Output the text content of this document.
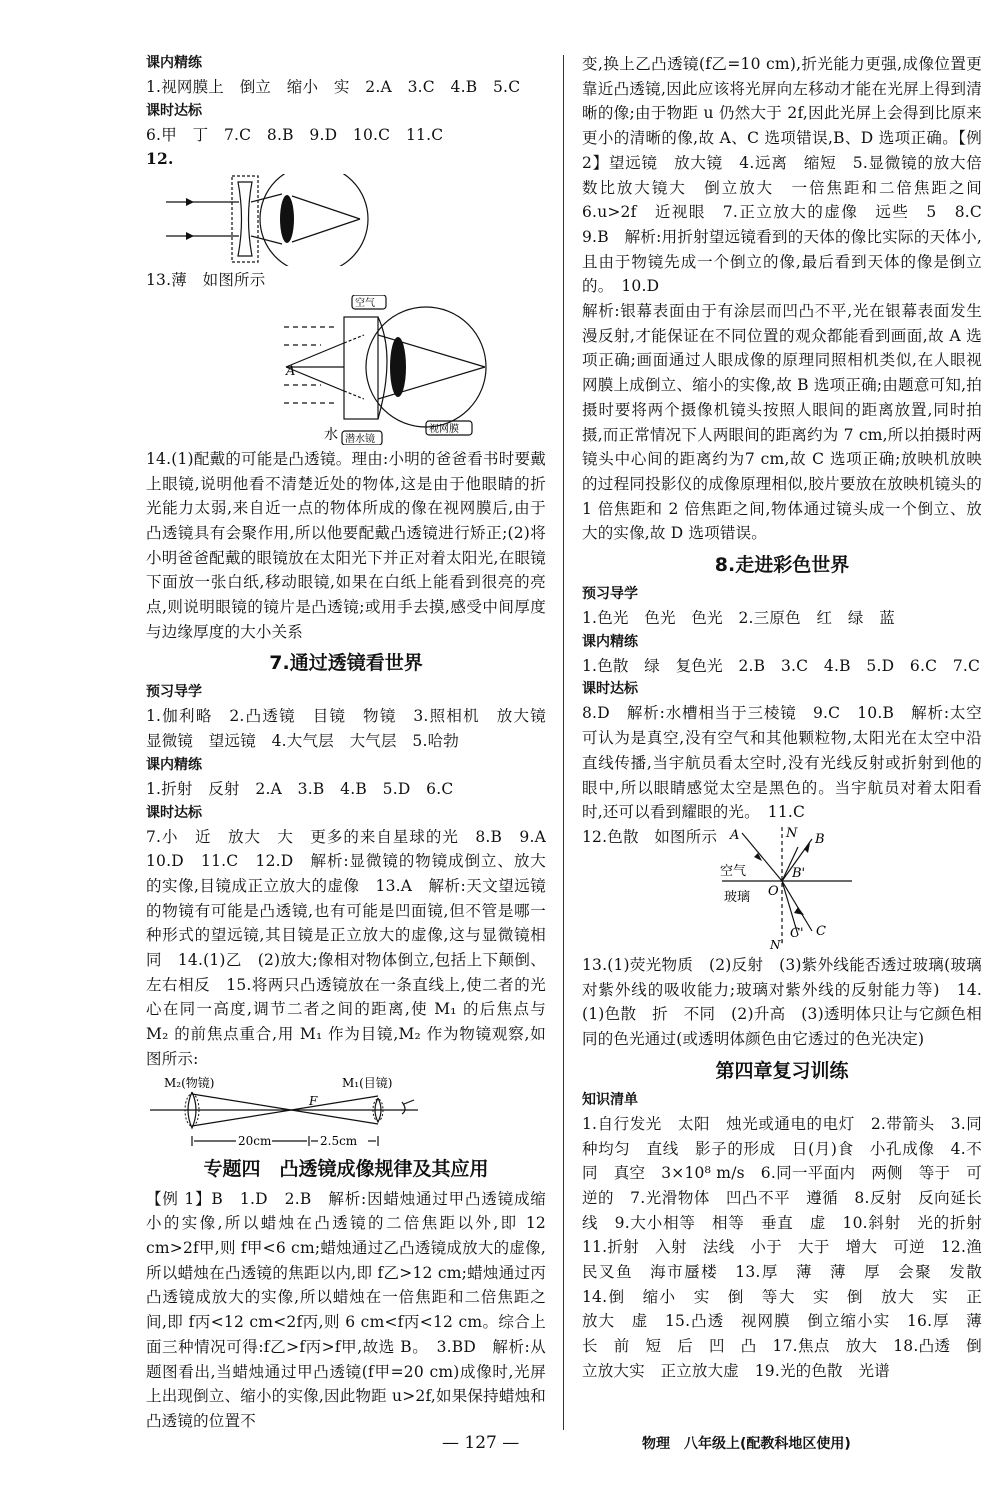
课内精练

1.视网膜上　倒立　缩小　实　2.A　3.C　4.B　5.C

课时达标

6.甲　丁　7.C　8.B　9.D　10.C　11.C

12.

13.薄　如图所示

A
空气
水 潜水镜
视网膜

14.(1)配戴的可能是凸透镜。理由:小明的爸爸看书时要戴上眼镜,说明他看不清楚近处的物体,这是由于他眼睛的折光能力太弱,来自近一点的物体所成的像在视网膜后,由于凸透镜具有会聚作用,所以他要配戴凸透镜进行矫正;(2)将小明爸爸配戴的眼镜放在太阳光下并正对着太阳光,在眼镜下面放一张白纸,移动眼镜,如果在白纸上能看到很亮的亮点,则说明眼镜的镜片是凸透镜;或用手去摸,感受中间厚度与边缘厚度的大小关系

7.通过透镜看世界

预习导学

1.伽利略　2.凸透镜　目镜　物镜　3.照相机　放大镜　显微镜　望远镜　4.大气层　大气层　5.哈勃

课内精练

1.折射　反射　2.A　3.B　4.B　5.D　6.C

课时达标

7.小　近　放大　大　更多的来自星球的光　8.B　9.A　10.D　11.C　12.D　解析:显微镜的物镜成倒立、放大的实像,目镜成正立放大的虚像　13.A　解析:天文望远镜的物镜有可能是凸透镜,也有可能是凹面镜,但不管是哪一种形式的望远镜,其目镜是正立放大的虚像,这与显微镜相同　14.(1)乙　(2)放大;像相对物体倒立,包括上下颠倒、左右相反　15.将两只凸透镜放在一条直线上,使二者的光心在同一高度,调节二者之间的距离,使 M₁ 的后焦点与 M₂ 的前焦点重合,用 M₁ 作为目镜,M₂ 作为物镜观察,如图所示:

M₂(物镜)	M₁(目镜)
F
20cm	2.5cm

专题四　凸透镜成像规律及其应用

【例 1】B　1.D　2.B　解析:因蜡烛通过甲凸透镜成缩小的实像,所以蜡烛在凸透镜的二倍焦距以外,即 12 cm>2f甲,则 f甲<6 cm;蜡烛通过乙凸透镜成放大的虚像,所以蜡烛在凸透镜的焦距以内,即 f乙>12 cm;蜡烛通过丙凸透镜成放大的实像,所以蜡烛在一倍焦距和二倍焦距之间,即 f丙<12 cm<2f丙,则 6 cm<f丙<12 cm。综合上面三种情况可得:f乙>f丙>f甲,故选 B。　3.BD　解析:从题图看出,当蜡烛通过甲凸透镜(f甲=20 cm)成像时,光屏上出现倒立、缩小的实像,因此物距 u>2f,如果保持蜡烛和凸透镜的位置不

变,换上乙凸透镜(f乙=10 cm),折光能力更强,成像位置更靠近凸透镜,因此应该将光屏向左移动才能在光屏上得到清晰的像;由于物距 u 仍然大于 2f,因此光屏上会得到比原来更小的清晰的像,故 A、C 选项错误,B、D 选项正确。【例 2】望远镜　放大镜　4.远离　缩短　5.显微镜的放大倍数比放大镜大　倒立放大　一倍焦距和二倍焦距之间　6.u>2f　近视眼　7.正立放大的虚像　远些　5　8.C　9.B　解析:用折射望远镜看到的天体的像比实际的天体小,且由于物镜先成一个倒立的像,最后看到天体的像是倒立的。　10.D

解析:银幕表面由于有涂层而凹凸不平,光在银幕表面发生漫反射,才能保证在不同位置的观众都能看到画面,故 A 选项正确;画面通过人眼成像的原理同照相机类似,在人眼视网膜上成倒立、缩小的实像,故 B 选项正确;由题意可知,拍摄时要将两个摄像机镜头按照人眼间的距离放置,同时拍摄,而正常情况下人两眼间的距离约为 7 cm,所以拍摄时两镜头中心间的距离约为7 cm,故 C 选项正确;放映机放映的过程同投影仪的成像原理相似,胶片要放在放映机镜头的 1 倍焦距和 2 倍焦距之间,物体通过镜头成一个倒立、放大的实像,故 D 选项错误。

8.走进彩色世界

预习导学

1.色光　色光　色光　2.三原色　红　绿　蓝

课内精练

1.色散　绿　复色光　2.B　3.C　4.B　5.D　6.C　7.C

课时达标

8.D　解析:水槽相当于三棱镜　9.C　10.B　解析:太空可认为是真空,没有空气和其他颗粒物,太阳光在太空中沿直线传播,当宇航员看太空时,没有光线反射或折射到他的眼中,所以眼睛感觉太空是黑色的。当宇航员对着太阳看时,还可以看到耀眼的光。　11.C

12.色散　如图所示 A	N B
空气	B'
O
玻璃
N'
C' C

13.(1)荧光物质　(2)反射　(3)紫外线能否透过玻璃(玻璃对紫外线的吸收能力;玻璃对紫外线的反射能力等)　14.(1)色散　折　不同　(2)升高　(3)透明体只让与它颜色相同的色光通过(或透明体颜色由它透过的色光决定)

第四章复习训练

知识清单

1.自行发光　太阳　烛光或通电的电灯　2.带箭头　3.同种均匀　直线　影子的形成　日(月)食　小孔成像　4.不同　真空　3×10⁸ m/s　6.同一平面内　两侧　等于　可逆的　7.光滑物体　凹凸不平　遵循　8.反射　反向延长线　9.大小相等　相等　垂直　虚　10.斜射　光的折射　11.折射　入射　法线　小于　大于　增大　可逆　12.渔民叉鱼　海市蜃楼　13.厚　薄　薄　厚　会聚　发散　14.倒　缩小　实　倒　等大　实　倒　放大　实　正　放大　虚　15.凸透　视网膜　倒立缩小实　16.厚　薄　长　前　短　后　凹　凸　17.焦点　放大　18.凸透　倒立放大实　正立放大虚　19.光的色散　光谱

— 127 —	物理　八年级上(配教科地区使用)
